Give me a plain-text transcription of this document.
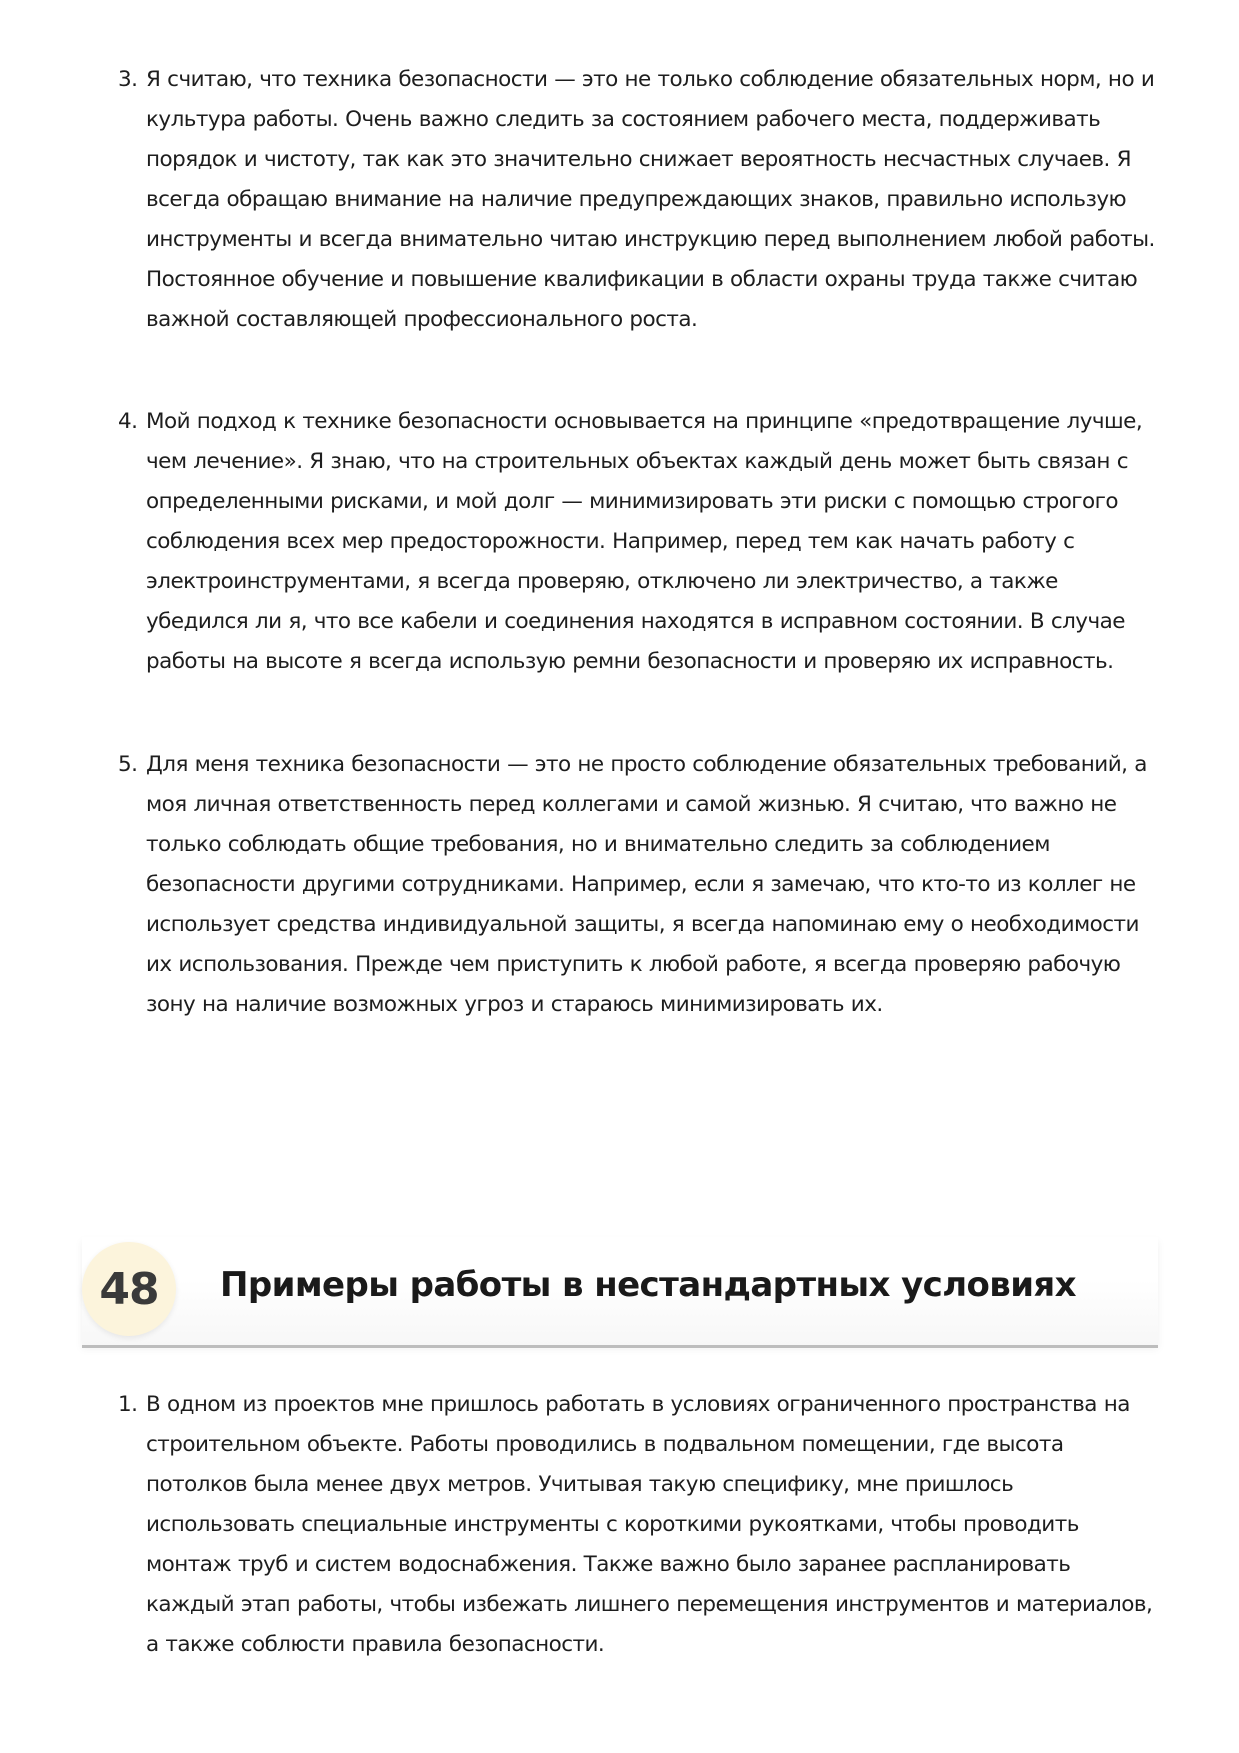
3. Я считаю, что техника безопасности — это не только соблюдение обязательных норм, но и культура работы. Очень важно следить за состоянием рабочего места, поддерживать порядок и чистоту, так как это значительно снижает вероятность несчастных случаев. Я всегда обращаю внимание на наличие предупреждающих знаков, правильно использую инструменты и всегда внимательно читаю инструкцию перед выполнением любой работы. Постоянное обучение и повышение квалификации в области охраны труда также считаю важной составляющей профессионального роста.

4. Мой подход к технике безопасности основывается на принципе «предотвращение лучше, чем лечение». Я знаю, что на строительных объектах каждый день может быть связан с определенными рисками, и мой долг — минимизировать эти риски с помощью строгого соблюдения всех мер предосторожности. Например, перед тем как начать работу с электроинструментами, я всегда проверяю, отключено ли электричество, а также убедился ли я, что все кабели и соединения находятся в исправном состоянии. В случае работы на высоте я всегда использую ремни безопасности и проверяю их исправность.

5. Для меня техника безопасности — это не просто соблюдение обязательных требований, а моя личная ответственность перед коллегами и самой жизнью. Я считаю, что важно не только соблюдать общие требования, но и внимательно следить за соблюдением безопасности другими сотрудниками. Например, если я замечаю, что кто-то из коллег не использует средства индивидуальной защиты, я всегда напоминаю ему о необходимости их использования. Прежде чем приступить к любой работе, я всегда проверяю рабочую зону на наличие возможных угроз и стараюсь минимизировать их.

48	Примеры работы в нестандартных условиях
1. В одном из проектов мне пришлось работать в условиях ограниченного пространства на строительном объекте. Работы проводились в подвальном помещении, где высота потолков была менее двух метров. Учитывая такую специфику, мне пришлось использовать специальные инструменты с короткими рукоятками, чтобы проводить монтаж труб и систем водоснабжения. Также важно было заранее распланировать каждый этап работы, чтобы избежать лишнего перемещения инструментов и материалов, а также соблюсти правила безопасности.
